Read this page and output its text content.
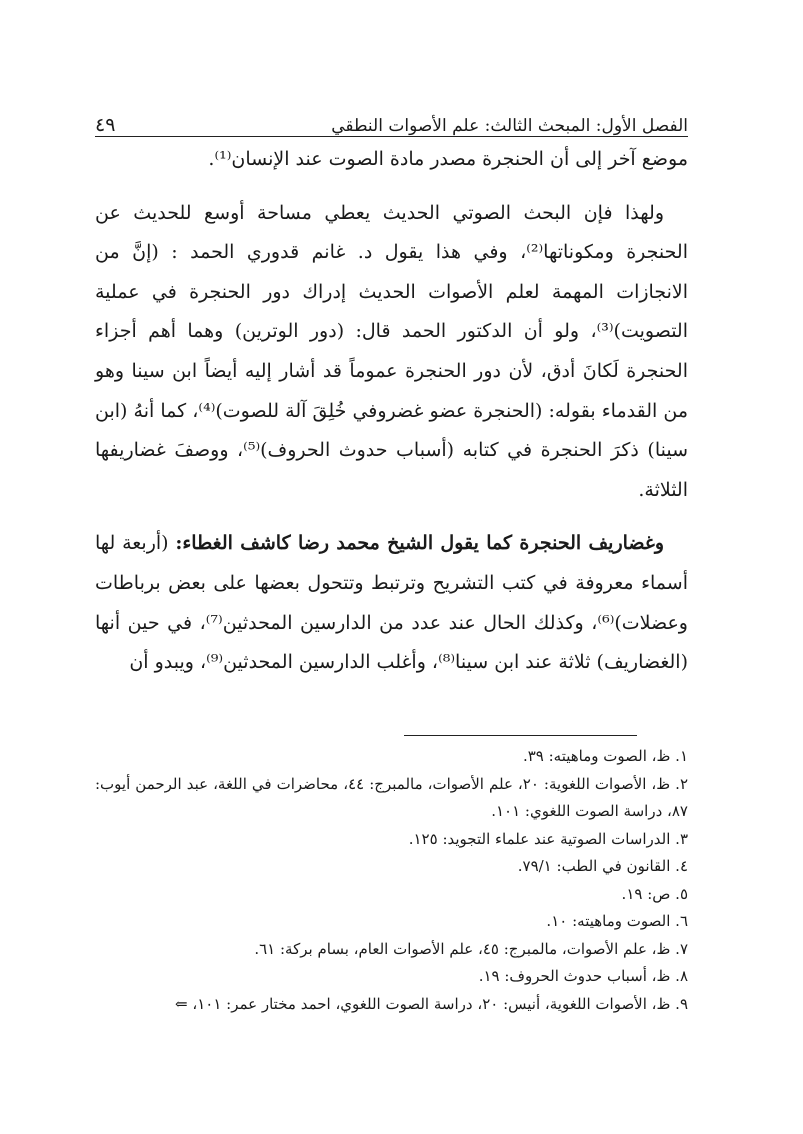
٤٩	الفصل الأول: المبحث الثالث: علم الأصوات النطقي

موضع آخر إلى أن الحنجرة مصدر مادة الصوت عند الإنسان⁽¹⁾.

ولهذا فإن البحث الصوتي الحديث يعطي مساحة أوسع للحديث عن الحنجرة ومكوناتها⁽²⁾، وفي هذا يقول د. غانم قدوري الحمد : (إنَّ من الانجازات المهمة لعلم الأصوات الحديث إدراك دور الحنجرة في عملية التصويت)⁽³⁾، ولو أن الدكتور الحمد قال: (دور الوترين) وهما أهم أجزاء الحنجرة لَكانَ أدق، لأن دور الحنجرة عموماً قد أشار إليه أيضاً ابن سينا وهو من القدماء بقوله: (الحنجرة عضو غضروفي خُلِقَ آلة للصوت)⁽⁴⁾، كما أنهُ (ابن سينا) ذكرَ الحنجرة في كتابه (أسباب حدوث الحروف)⁽⁵⁾، ووصفَ غضاريفها الثلاثة.

وغضاريف الحنجرة كما يقول الشيخ محمد رضا كاشف الغطاء: (أربعة لها أسماء معروفة في كتب التشريح وترتبط وتتحول بعضها على بعض برباطات وعضلات)⁽⁶⁾، وكذلك الحال عند عدد من الدارسين المحدثين⁽⁷⁾، في حين أنها (الغضاريف) ثلاثة عند ابن سينا⁽⁸⁾، وأغلب الدارسين المحدثين⁽⁹⁾، ويبدو أن

١. ظ، الصوت وماهيته: ٣٩.

٢. ظ، الأصوات اللغوية: ٢٠، علم الأصوات، مالمبرج: ٤٤، محاضرات في اللغة، عبد الرحمن أيوب: ٨٧، دراسة الصوت اللغوي: ١٠١.

٣. الدراسات الصوتية عند علماء التجويد: ١٢٥.

٤. القانون في الطب: ٧٩/١.

٥. ص: ١٩.

٦. الصوت وماهيته: ١٠.

٧. ظ، علم الأصوات، مالمبرج: ٤٥، علم الأصوات العام، بسام بركة: ٦١.

٨. ظ، أسباب حدوث الحروف: ١٩.

٩. ظ، الأصوات اللغوية، أنيس: ٢٠، دراسة الصوت اللغوي، احمد مختار عمر: ١٠١، ⇐
